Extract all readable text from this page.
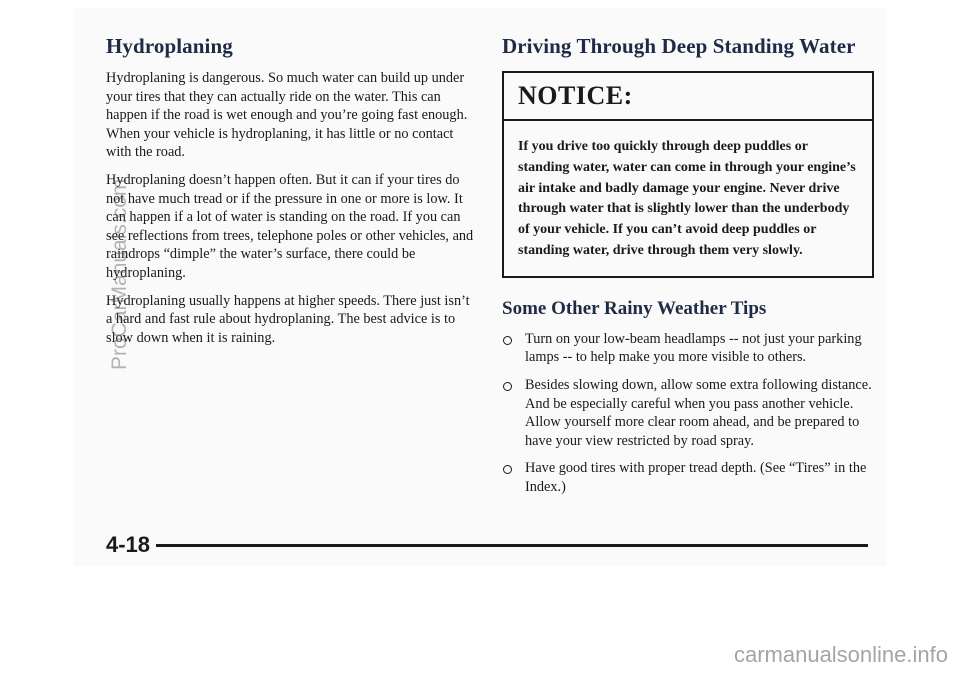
Hydroplaning

Hydroplaning is dangerous. So much water can build up under your tires that they can actually ride on the water. This can happen if the road is wet enough and you’re going fast enough. When your vehicle is hydroplaning, it has little or no contact with the road.

Hydroplaning doesn’t happen often. But it can if your tires do not have much tread or if the pressure in one or more is low. It can happen if a lot of water is standing on the road. If you can see reflections from trees, telephone poles or other vehicles, and raindrops “dimple” the water’s surface, there could be hydroplaning.

Hydroplaning usually happens at higher speeds. There just isn’t a hard and fast rule about hydroplaning. The best advice is to slow down when it is raining.

Driving Through Deep Standing Water
NOTICE:
If you drive too quickly through deep puddles or standing water, water can come in through your engine’s air intake and badly damage your engine. Never drive through water that is slightly lower than the underbody of your vehicle. If you can’t avoid deep puddles or standing water, drive through them very slowly.
Some Other Rainy Weather Tips
Turn on your low-beam headlamps -- not just your parking lamps -- to help make you more visible to others.
Besides slowing down, allow some extra following distance. And be especially careful when you pass another vehicle. Allow yourself more clear room ahead, and be prepared to have your view restricted by road spray.
Have good tires with proper tread depth. (See “Tires” in the Index.)
4-18
ProCarManuals.com
carmanualsonline.info
